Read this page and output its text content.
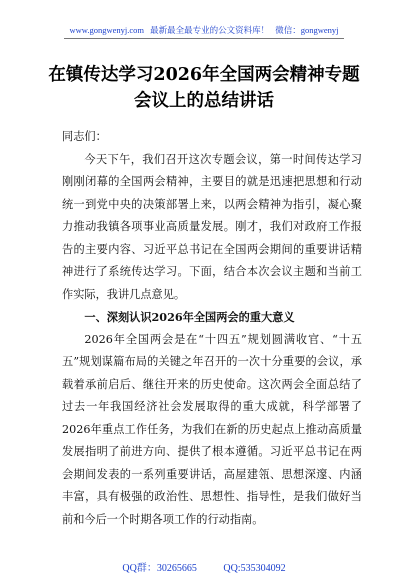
www.gongwenyj.com 最新最全最专业的公文资料库！ 微信：gongwenyj
在镇传达学习2026年全国两会精神专题会议上的总结讲话

同志们：

今天下午，我们召开这次专题会议，第一时间传达学习刚刚闭幕的全国两会精神，主要目的就是迅速把思想和行动统一到党中央的决策部署上来，以两会精神为指引，凝心聚力推动我镇各项事业高质量发展。刚才，我们对政府工作报告的主要内容、习近平总书记在全国两会期间的重要讲话精神进行了系统传达学习。下面，结合本次会议主题和当前工作实际，我讲几点意见。

一、深刻认识2026年全国两会的重大意义

2026年全国两会是在“十四五”规划圆满收官、“十五五”规划谋篇布局的关键之年召开的一次十分重要的会议，承载着承前启后、继往开来的历史使命。这次两会全面总结了过去一年我国经济社会发展取得的重大成就，科学部署了2026年重点工作任务，为我们在新的历史起点上推动高质量发展指明了前进方向、提供了根本遵循。习近平总书记在两会期间发表的一系列重要讲话，高屋建瓴、思想深邃、内涵丰富，具有极强的政治性、思想性、指导性，是我们做好当前和今后一个时期各项工作的行动指南。

QQ群：30265665	QQ:535304092
